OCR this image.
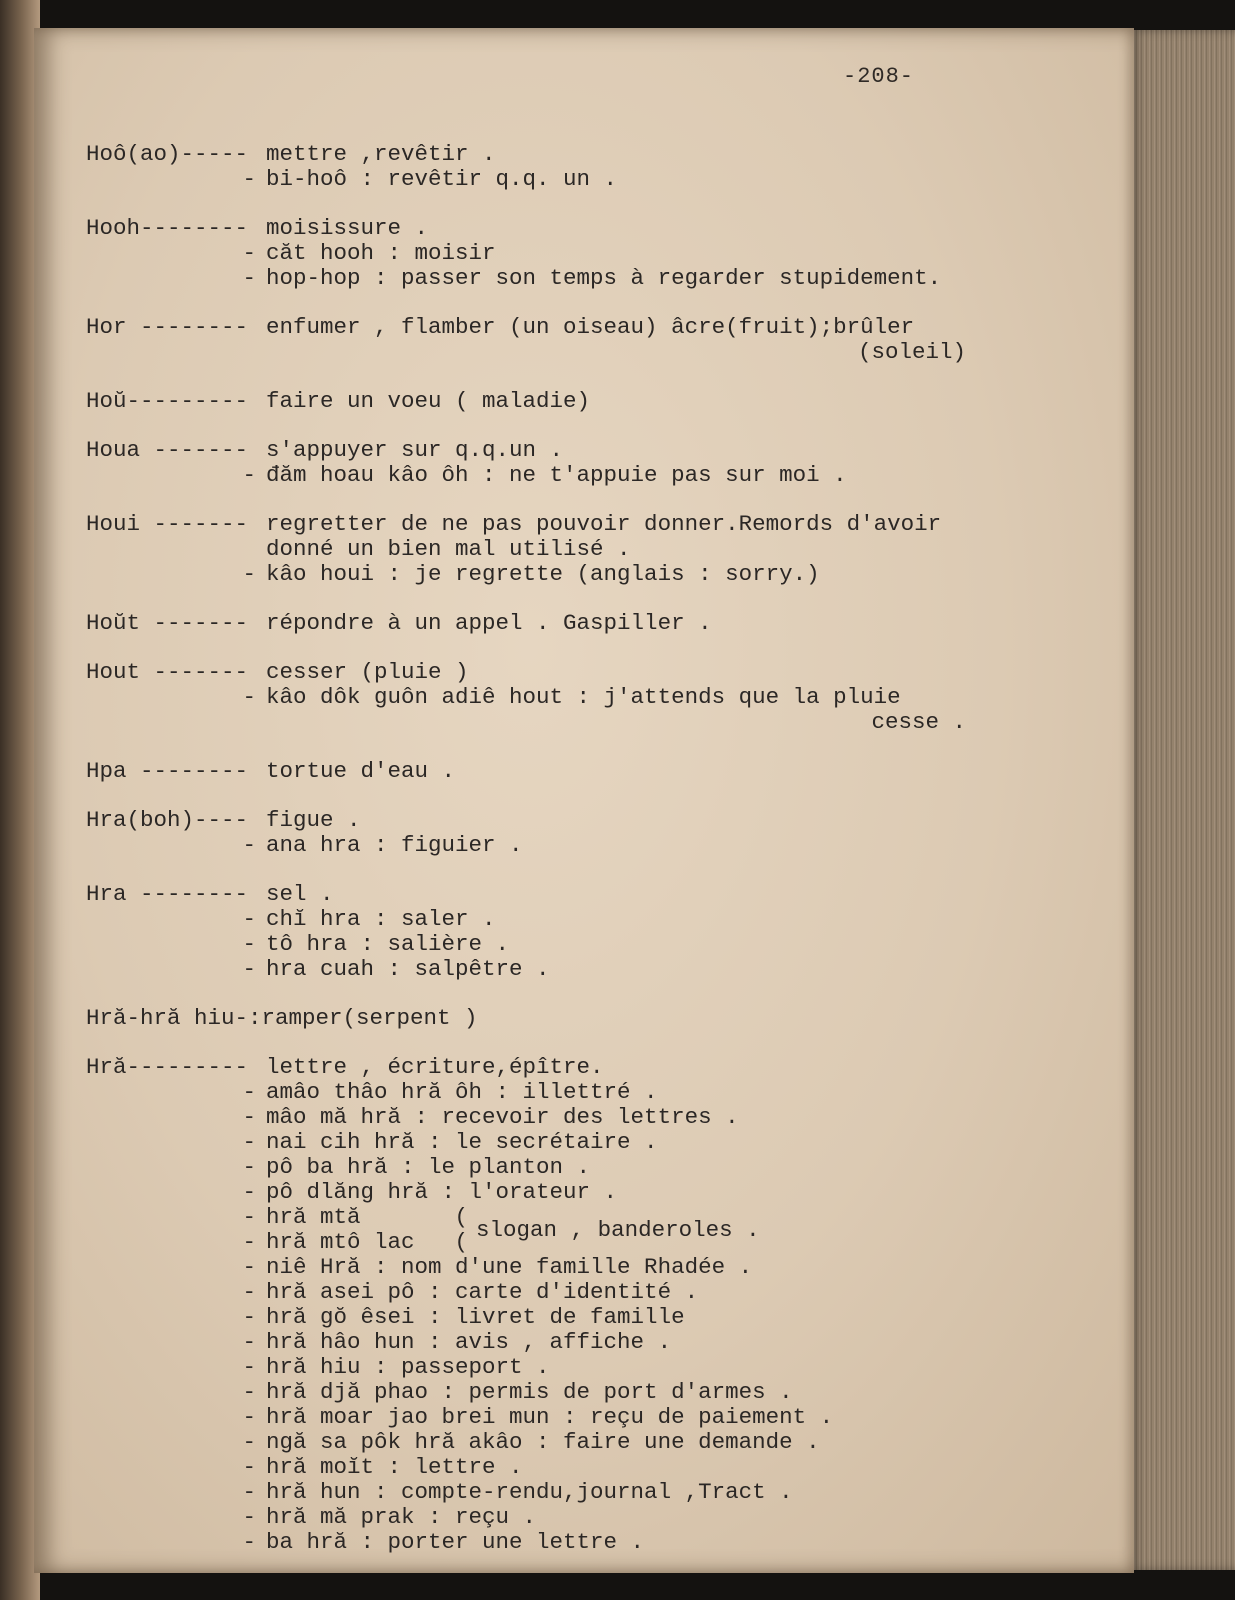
-208-
Hoô(ao)----- mettre ,revêtir .
- bi-hoô : revêtir q.q. un .
Hooh-------- moisissure .
- căt hooh : moisir
- hop-hop : passer son temps à regarder stupidement.
Hor -------- enfumer , flamber (un oiseau) âcre(fruit);brûler
(soleil)
Hoŭ--------- faire un voeu ( maladie)
Houa ------- s'appuyer sur q.q.un .
- đăm hoau kâo ôh : ne t'appuie pas sur moi .
Houi ------- regretter de ne pas pouvoir donner.Remords d'avoir
donné un bien mal utilisé .
- kâo houi : je regrette (anglais : sorry.)
Hoŭt ------- répondre à un appel . Gaspiller .
Hout ------- cesser (pluie )
- kâo dôk guôn adiê hout : j'attends que la pluie
cesse .
Hpa -------- tortue d'eau .
Hra(boh)---- figue .
- ana hra : figuier .
Hra -------- sel .
- chĭ hra : saler .
- tô hra : salière .
- hra cuah : salpêtre .
Hră-hră hiu-:ramper(serpent )
Hră--------- lettre , écriture,épître.
- amâo thâo hră ôh : illettré .
- mâo mă hră : recevoir des lettres .
- nai cih hră : le secrétaire .
- pô ba hră : le planton .
- pô dlăng hră : l'orateur .
- hră mtă
- hră mtô lac
(
( slogan , banderoles .
- niê Hră : nom d'une famille Rhadée .
- hră asei pô : carte d'identité .
- hră gŏ êsei : livret de famille
- hră hâo hun : avis , affiche .
- hră hiu : passeport .
- hră djă phao : permis de port d'armes .
- hră moar jao brei mun : reçu de paiement .
- ngă sa pôk hră akâo : faire une demande .
- hră moĭt : lettre .
- hră hun : compte-rendu,journal ,Tract .
- hră mă prak : reçu .
- ba hră : porter une lettre .
